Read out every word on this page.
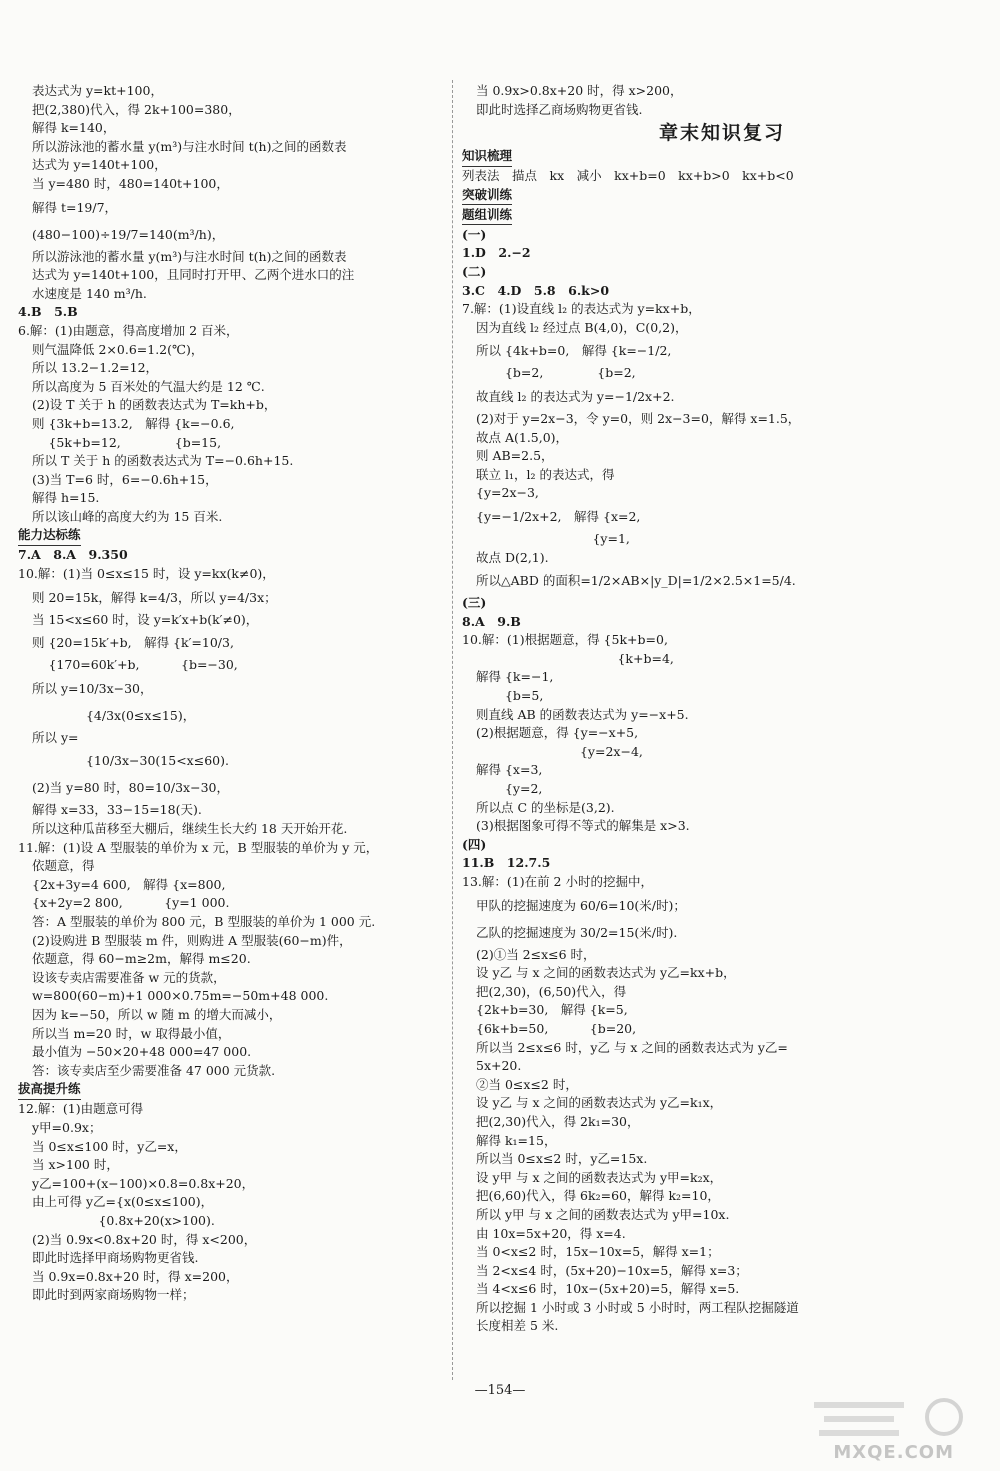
表达式为 y=kt+100，
把(2,380)代入，得 2k+100=380，
解得 k=140，
所以游泳池的蓄水量 y(m³)与注水时间 t(h)之间的函数表
达式为 y=140t+100，
当 y=480 时，480=140t+100，
解得 t=19/7，
(480−100)÷19/7=140(m³/h)，
所以游泳池的蓄水量 y(m³)与注水时间 t(h)之间的函数表
达式为 y=140t+100，且同时打开甲、乙两个进水口的注
水速度是 140 m³/h.
4.B　5.B
6.解：(1)由题意，得高度增加 2 百米，
则气温降低 2×0.6=1.2(℃)，
所以 13.2−1.2=12，
所以高度为 5 百米处的气温大约是 12 ℃.
(2)设 T 关于 h 的函数表达式为 T=kh+b，
则 {3k+b=13.2,　解得 {k=−0.6,
　 {5k+b=12,　　　　 {b=15,
所以 T 关于 h 的函数表达式为 T=−0.6h+15.
(3)当 T=6 时，6=−0.6h+15，
解得 h=15.
所以该山峰的高度大约为 15 百米.
能力达标练
7.A　8.A　9.350
10.解：(1)当 0≤x≤15 时，设 y=kx(k≠0)，
则 20=15k，解得 k=4/3，所以 y=4/3x；
当 15<x≤60 时，设 y=k′x+b(k′≠0)，
则 {20=15k′+b,　解得 {k′=10/3,
　 {170=60k′+b,　　　 {b=−30,
所以 y=10/3x−30，
　　　　 {4/3x(0≤x≤15)，
所以 y=
　　　　 {10/3x−30(15<x≤60).
(2)当 y=80 时，80=10/3x−30，
解得 x=33，33−15=18(天).
所以这种瓜苗移至大棚后，继续生长大约 18 天开始开花.
11.解：(1)设 A 型服装的单价为 x 元，B 型服装的单价为 y 元，
依题意，得
{2x+3y=4 600,　解得 {x=800,
{x+2y=2 800,　　　 {y=1 000.
答：A 型服装的单价为 800 元，B 型服装的单价为 1 000 元.
(2)设购进 B 型服装 m 件，则购进 A 型服装(60−m)件，
依题意，得 60−m≥2m，解得 m≤20.
设该专卖店需要准备 w 元的货款，
w=800(60−m)+1 000×0.75m=−50m+48 000.
因为 k=−50，所以 w 随 m 的增大而减小，
所以当 m=20 时，w 取得最小值，
最小值为 −50×20+48 000=47 000.
答：该专卖店至少需要准备 47 000 元货款.
拔高提升练
12.解：(1)由题意可得
y甲=0.9x；
当 0≤x≤100 时，y乙=x，
当 x>100 时，
y乙=100+(x−100)×0.8=0.8x+20，
由上可得 y乙={x(0≤x≤100)，
　　　　　 {0.8x+20(x>100).
(2)当 0.9x<0.8x+20 时，得 x<200，
即此时选择甲商场购物更省钱.
当 0.9x=0.8x+20 时，得 x=200，
即此时到两家商场购物一样；
当 0.9x>0.8x+20 时，得 x>200，
即此时选择乙商场购物更省钱.
章末知识复习
知识梳理
列表法　描点　kx　减小　kx+b=0　kx+b>0　kx+b<0
突破训练
题组训练
(一)
1.D　2.−2
(二)
3.C　4.D　5.8　6.k>0
7.解：(1)设直线 l₂ 的表达式为 y=kx+b，
因为直线 l₂ 经过点 B(4,0)，C(0,2)，
所以 {4k+b=0,　解得 {k=−1/2,
　　 {b=2,　　　　 {b=2,
故直线 l₂ 的表达式为 y=−1/2x+2.
(2)对于 y=2x−3，令 y=0，则 2x−3=0，解得 x=1.5，
故点 A(1.5,0)，
则 AB=2.5，
联立 l₁，l₂ 的表达式，得
{y=2x−3,
{y=−1/2x+2,　解得 {x=2,
　　　　　　　　　 {y=1,
故点 D(2,1).
所以△ABD 的面积=1/2×AB×|y_D|=1/2×2.5×1=5/4.
(三)
8.A　9.B
10.解：(1)根据题意，得 {5k+b=0,
　　　　　　　　　　　 {k+b=4,
解得 {k=−1,
　　 {b=5,
则直线 AB 的函数表达式为 y=−x+5.
(2)根据题意，得 {y=−x+5,
　　　　　　　　 {y=2x−4,
解得 {x=3,
　　 {y=2,
所以点 C 的坐标是(3,2).
(3)根据图象可得不等式的解集是 x>3.
(四)
11.B　12.7.5
13.解：(1)在前 2 小时的挖掘中，
甲队的挖掘速度为 60/6=10(米/时)；
乙队的挖掘速度为 30/2=15(米/时).
(2)①当 2≤x≤6 时，
设 y乙 与 x 之间的函数表达式为 y乙=kx+b，
把(2,30)，(6,50)代入，得
{2k+b=30,　解得 {k=5,
{6k+b=50,　　　 {b=20,
所以当 2≤x≤6 时，y乙 与 x 之间的函数表达式为 y乙=
5x+20.
②当 0≤x≤2 时，
设 y乙 与 x 之间的函数表达式为 y乙=k₁x，
把(2,30)代入，得 2k₁=30，
解得 k₁=15，
所以当 0≤x≤2 时，y乙=15x.
设 y甲 与 x 之间的函数表达式为 y甲=k₂x，
把(6,60)代入，得 6k₂=60，解得 k₂=10，
所以 y甲 与 x 之间的函数表达式为 y甲=10x.
由 10x=5x+20，得 x=4.
当 0<x≤2 时，15x−10x=5，解得 x=1；
当 2<x≤4 时，(5x+20)−10x=5，解得 x=3；
当 4<x≤6 时，10x−(5x+20)=5，解得 x=5.
所以挖掘 1 小时或 3 小时或 5 小时时，两工程队挖掘隧道
长度相差 5 米.
—154—
MXQE.COM
